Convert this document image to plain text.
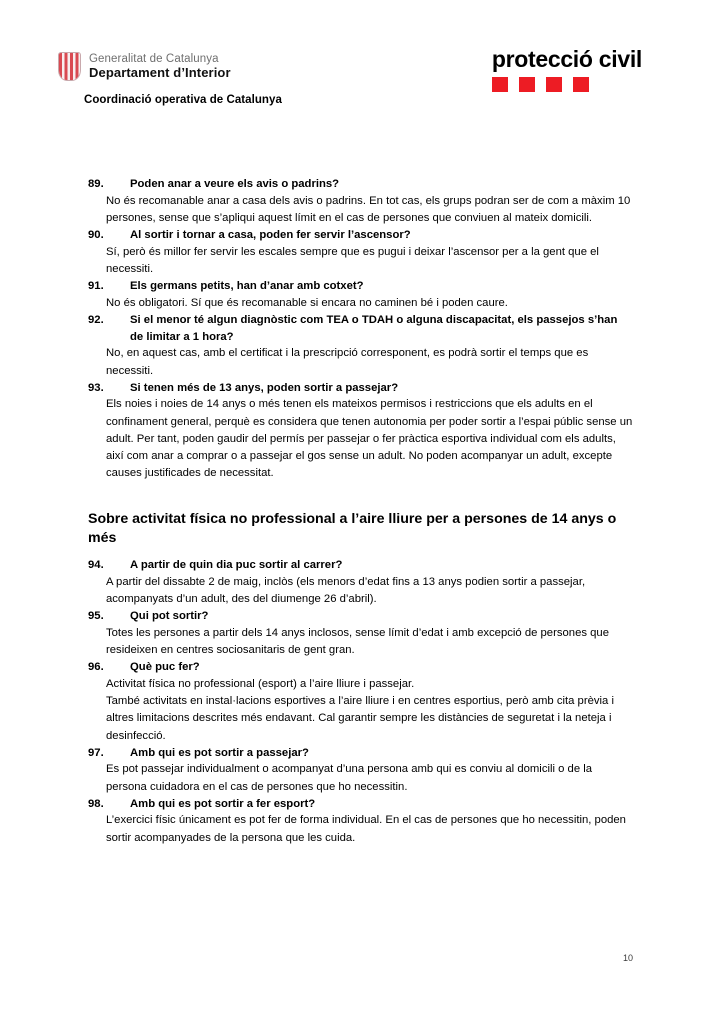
Generalitat de Catalunya
Departament d’Interior
Coordinació operativa de Catalunya
protecció civil
89.	Poden anar a veure els avis o padrins?
No és recomanable anar a casa dels avis o padrins. En tot cas, els grups podran ser de com a màxim 10 persones, sense que s’apliqui aquest límit en el cas de persones que conviuen al mateix domicili.
90.	Al sortir i tornar a casa, poden fer servir l’ascensor?
Sí, però és millor fer servir les escales sempre que es pugui i deixar l’ascensor per a la gent que el necessiti.
91.	Els germans petits, han d’anar amb cotxet?
No és obligatori. Sí que és recomanable si encara no caminen bé i poden caure.
92.	Si el menor té algun diagnòstic com TEA o TDAH o alguna discapacitat, els passejos s’han de limitar a 1 hora?
No, en aquest cas, amb el certificat i la prescripció corresponent, es podrà sortir el temps que es necessiti.
93.	Si tenen més de 13 anys, poden sortir a passejar?
Els noies i noies de 14 anys o més tenen els mateixos permisos i restriccions que els adults en el confinament general, perquè es considera que tenen autonomia per poder sortir a l’espai públic sense un adult. Per tant, poden gaudir del permís per passejar o fer pràctica esportiva individual com els adults, així com anar a comprar o a passejar el gos sense un adult. No poden acompanyar un adult, excepte causes justificades de necessitat.
Sobre activitat física no professional a l’aire lliure per a persones de 14 anys o més
94.	A partir de quin dia puc sortir al carrer?
A partir del dissabte 2 de maig, inclòs (els menors d’edat fins a 13 anys podien sortir a passejar, acompanyats d’un adult, des del diumenge 26 d’abril).
95.	Qui pot sortir?
Totes les persones a partir dels 14 anys inclosos, sense límit d’edat i amb excepció de persones que resideixen en centres sociosanitaris de gent gran.
96.	Què puc fer?
Activitat física no professional (esport) a l’aire lliure i passejar.
També activitats en instal·lacions esportives a l’aire lliure i en centres esportius, però amb cita prèvia i altres limitacions descrites més endavant. Cal garantir sempre les distàncies de seguretat i la neteja i desinfecció.
97.	Amb qui es pot sortir a passejar?
Es pot passejar individualment o acompanyat d’una persona amb qui es conviu al domicili o de la persona cuidadora en el cas de persones que ho necessitin.
98.	Amb qui es pot sortir a fer esport?
L’exercici físic únicament es pot fer de forma individual. En el cas de persones que ho necessitin, poden sortir acompanyades de la persona que les cuida.
10
